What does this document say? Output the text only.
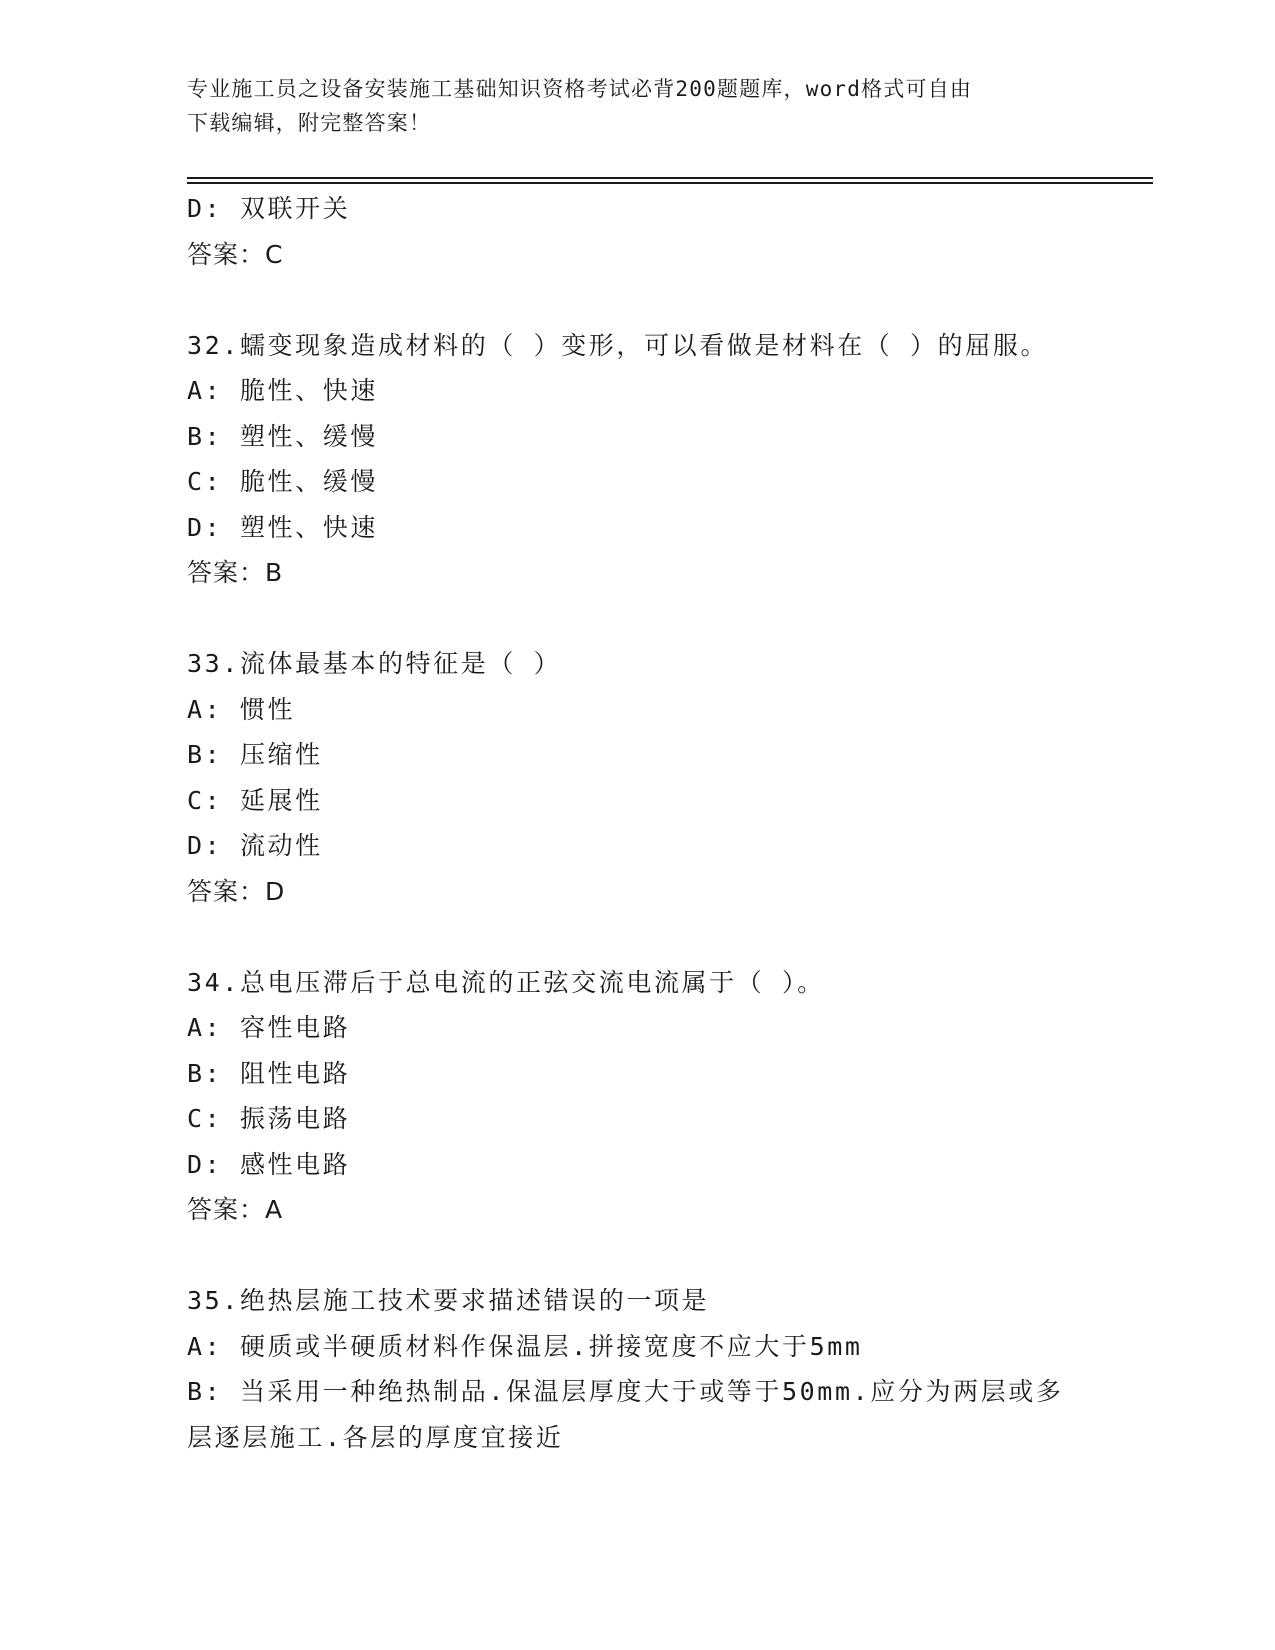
专业施工员之设备安装施工基础知识资格考试必背200题题库，word格式可自由
下载编辑，附完整答案！
D: 双联开关
答案：C
32.蠕变现象造成材料的（ ）变形，可以看做是材料在（ ）的屈服。
A: 脆性、快速
B: 塑性、缓慢
C: 脆性、缓慢
D: 塑性、快速
答案：B
33.流体最基本的特征是（ ）
A: 惯性
B: 压缩性
C: 延展性
D: 流动性
答案：D
34.总电压滞后于总电流的正弦交流电流属于（ ）。
A: 容性电路
B: 阻性电路
C: 振荡电路
D: 感性电路
答案：A
35.绝热层施工技术要求描述错误的一项是
A: 硬质或半硬质材料作保温层.拼接宽度不应大于5mm
B: 当采用一种绝热制品.保温层厚度大于或等于50mm.应分为两层或多层逐层施工.各层的厚度宜接近
